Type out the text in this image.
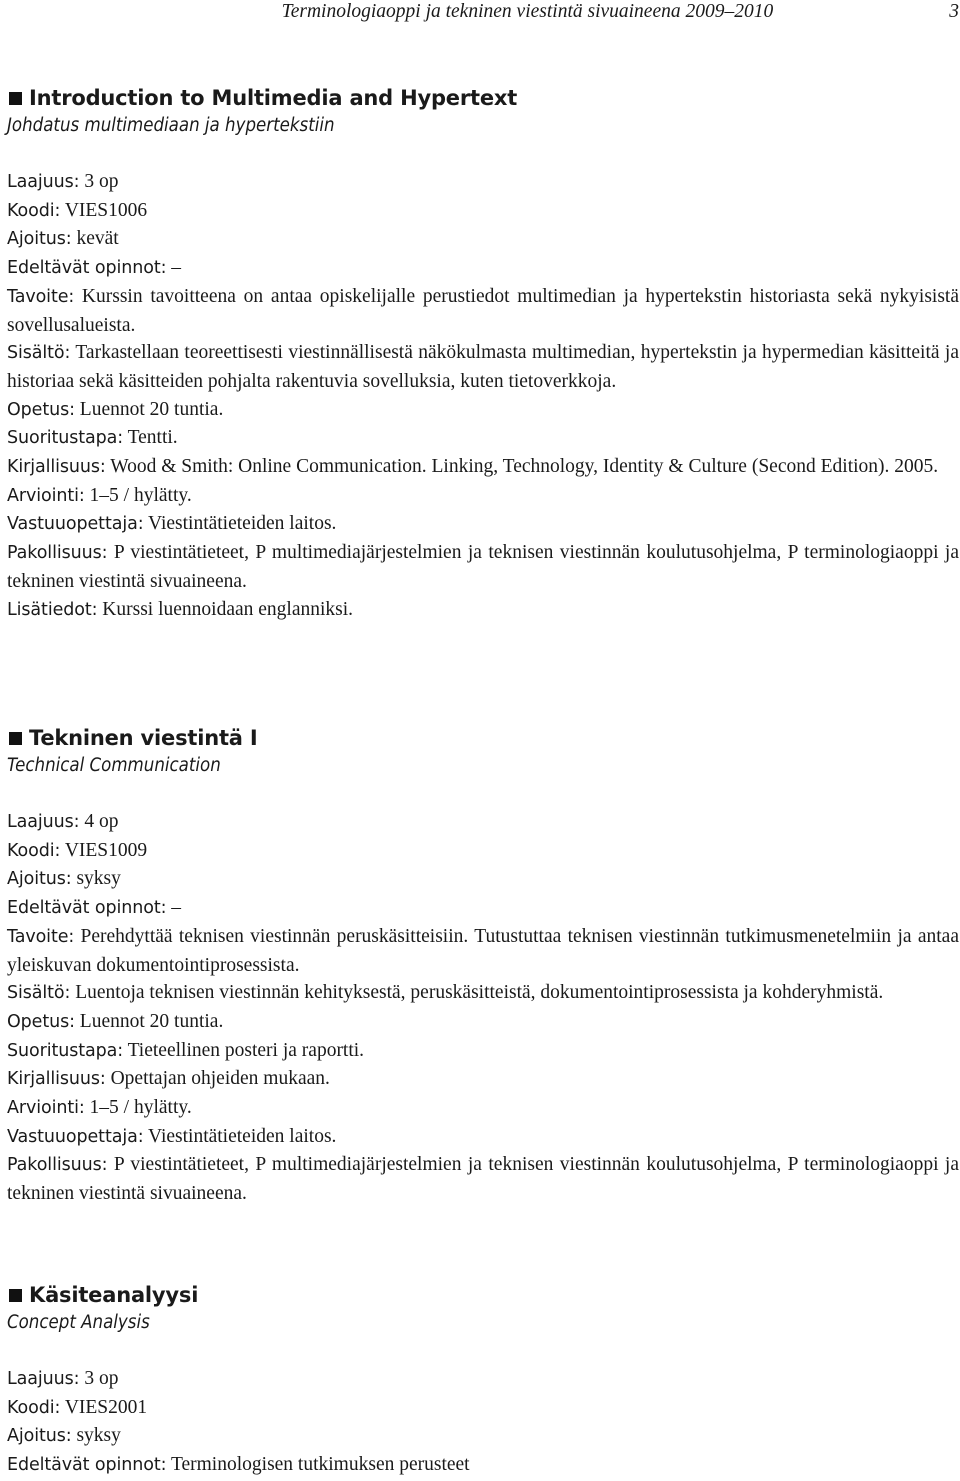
Terminologiaoppi ja tekninen viestintä sivuaineena 2009–2010	3
Introduction to Multimedia and Hypertext
Johdatus multimediaan ja hypertekstiin
Laajuus: 3 op
Koodi: VIES1006
Ajoitus: kevät
Edeltävät opinnot: –
Tavoite: Kurssin tavoitteena on antaa opiskelijalle perustiedot multimedian ja hypertekstin historiasta sekä nykyisistä sovellusalueista.
Sisältö: Tarkastellaan teoreettisesti viestinnällisestä näkökulmasta multimedian, hypertekstin ja hypermedian käsitteitä ja historiaa sekä käsitteiden pohjalta rakentuvia sovelluksia, kuten tietoverkkoja.
Opetus: Luennot 20 tuntia.
Suoritustapa: Tentti.
Kirjallisuus: Wood & Smith: Online Communication. Linking, Technology, Identity & Culture (Second Edition). 2005.
Arviointi: 1–5 / hylätty.
Vastuuopettaja: Viestintätieteiden laitos.
Pakollisuus: P viestintätieteet, P multimediajärjestelmien ja teknisen viestinnän koulutusohjelma, P terminologiaoppi ja tekninen viestintä sivuaineena.
Lisätiedot: Kurssi luennoidaan englanniksi.
Tekninen viestintä I
Technical Communication
Laajuus: 4 op
Koodi: VIES1009
Ajoitus: syksy
Edeltävät opinnot: –
Tavoite: Perehdyttää teknisen viestinnän peruskäsitteisiin. Tutustuttaa teknisen viestinnän tutkimusmenetelmiin ja antaa yleiskuvan dokumentointiprosessista.
Sisältö: Luentoja teknisen viestinnän kehityksestä, peruskäsitteistä, dokumentointiprosessista ja kohderyhmistä.
Opetus: Luennot 20 tuntia.
Suoritustapa: Tieteellinen posteri ja raportti.
Kirjallisuus: Opettajan ohjeiden mukaan.
Arviointi: 1–5 / hylätty.
Vastuuopettaja: Viestintätieteiden laitos.
Pakollisuus: P viestintätieteet, P multimediajärjestelmien ja teknisen viestinnän koulutusohjelma, P terminologiaoppi ja tekninen viestintä sivuaineena.
Käsiteanalyysi
Concept Analysis
Laajuus: 3 op
Koodi: VIES2001
Ajoitus: syksy
Edeltävät opinnot: Terminologisen tutkimuksen perusteet
